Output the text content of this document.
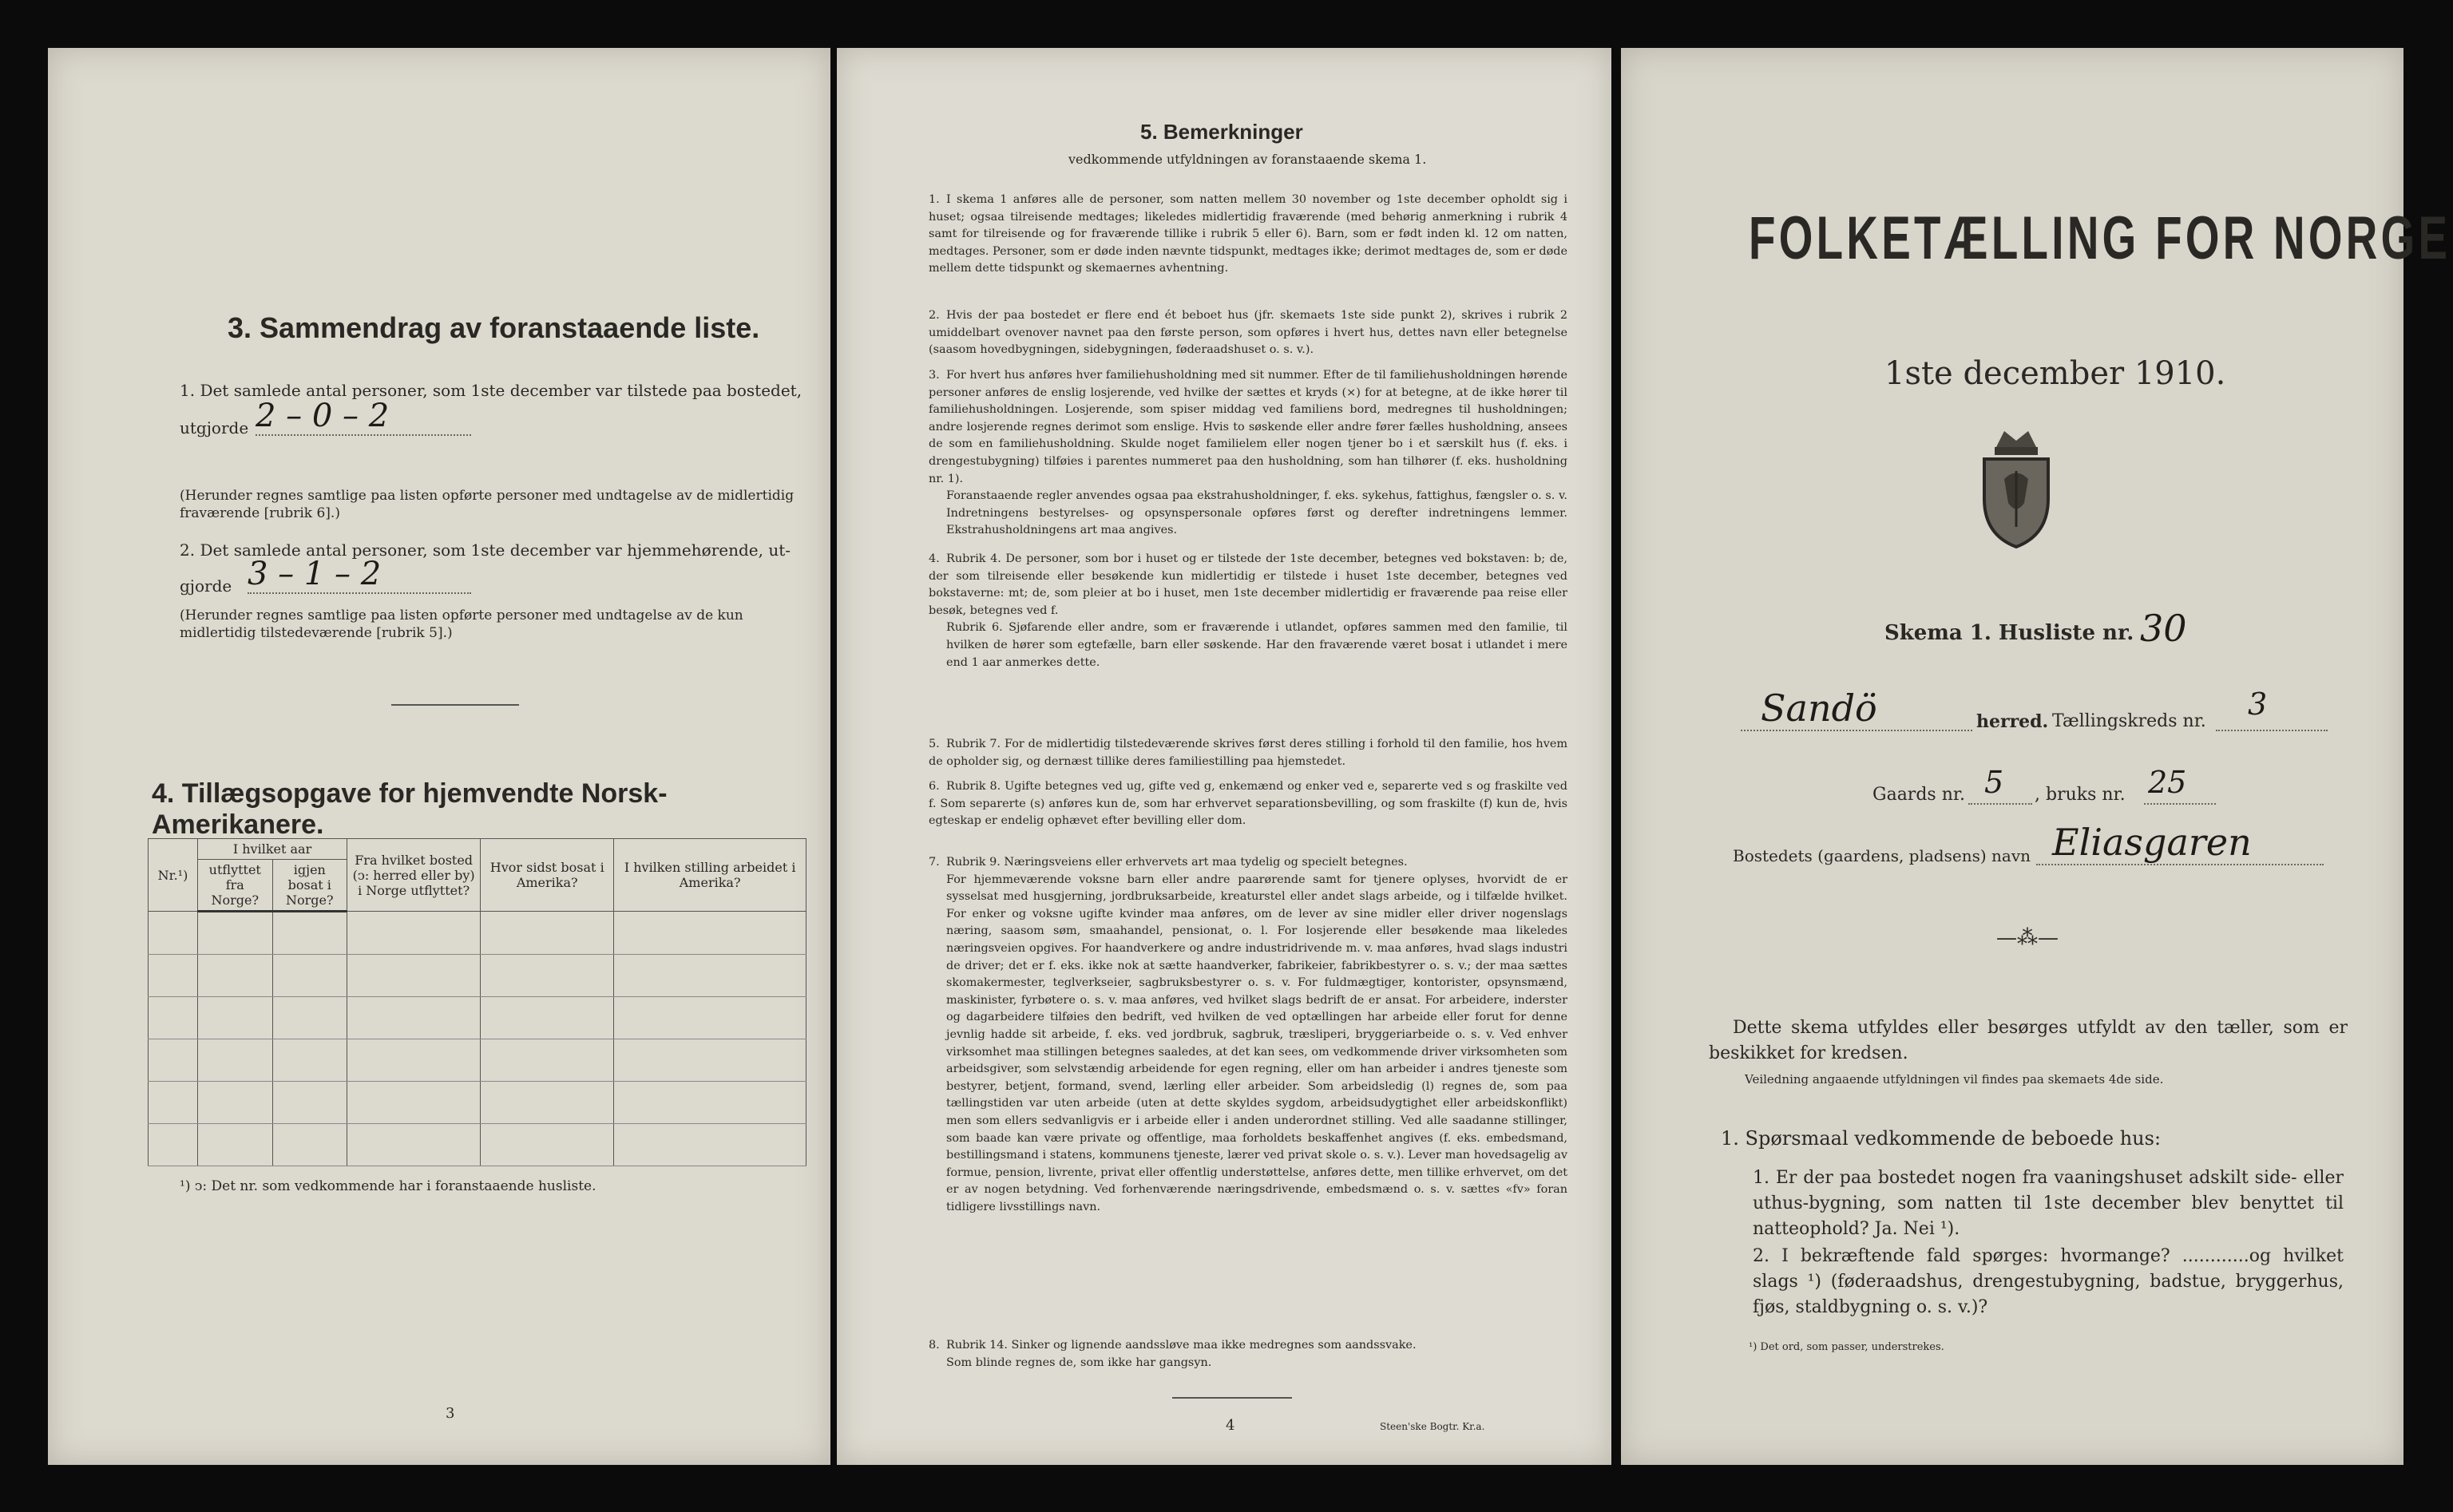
3. Sammendrag av foranstaaende liste.
1. Det samlede antal personer, som 1ste december var tilstede paa bostedet,
utgjorde 2 – 0 – 2
(Herunder regnes samtlige paa listen opførte personer med undtagelse av de midlertidig fraværende [rubrik 6].)
2. Det samlede antal personer, som 1ste december var hjemmehørende, ut-
gjorde 3 – 1 – 2
(Herunder regnes samtlige paa listen opførte personer med undtagelse av de kun midlertidig tilstedeværende [rubrik 5].)
4. Tillægsopgave for hjemvendte Norsk-Amerikanere.
Nr.¹)	I hvilket aar		Fra hvilket bosted (ↄ: herred eller by) i Norge utflyttet?	Hvor sidst bosat i Amerika?	I hvilken stilling arbeidet i Amerika?
	utflyttet fra Norge?	igjen bosat i Norge?			

¹) ↄ: Det nr. som vedkommende har i foranstaaende husliste.
3
5. Bemerkninger
vedkommende utfyldningen av foranstaaende skema 1.

1. I skema 1 anføres alle de personer, som natten mellem 30 november og 1ste december opholdt sig i huset; ogsaa tilreisende medtages; likeledes midlertidig fraværende (med behørig anmerkning i rubrik 4 samt for tilreisende og for fraværende tillike i rubrik 5 eller 6). Barn, som er født inden kl. 12 om natten, medtages. Personer, som er døde inden nævnte tidspunkt, medtages ikke; derimot medtages de, som er døde mellem dette tidspunkt og skemaernes avhentning.

2. Hvis der paa bostedet er flere end ét beboet hus (jfr. skemaets 1ste side punkt 2), skrives i rubrik 2 umiddelbart ovenover navnet paa den første person, som opføres i hvert hus, dettes navn eller betegnelse (saasom hovedbygningen, sidebygningen, føderaadshuset o. s. v.).

3. For hvert hus anføres hver familiehusholdning med sit nummer. Efter de til familiehusholdningen hørende personer anføres de enslig losjerende, ved hvilke der sættes et kryds (×) for at betegne, at de ikke hører til familiehusholdningen. Losjerende, som spiser middag ved familiens bord, medregnes til husholdningen; andre losjerende regnes derimot som enslige. Hvis to søskende eller andre fører fælles husholdning, ansees de som en familiehusholdning. Skulde noget familielem eller nogen tjener bo i et særskilt hus (f. eks. i drengestubygning) tilføies i parentes nummeret paa den husholdning, som han tilhører (f. eks. husholdning nr. 1).

Foranstaaende regler anvendes ogsaa paa ekstrahusholdninger, f. eks. sykehus, fattighus, fængsler o. s. v. Indretningens bestyrelses- og opsynspersonale opføres først og derefter indretningens lemmer. Ekstrahusholdningens art maa angives.

4. Rubrik 4. De personer, som bor i huset og er tilstede der 1ste december, betegnes ved bokstaven: b; de, der som tilreisende eller besøkende kun midlertidig er tilstede i huset 1ste december, betegnes ved bokstaverne: mt; de, som pleier at bo i huset, men 1ste december midlertidig er fraværende paa reise eller besøk, betegnes ved f.

Rubrik 6. Sjøfarende eller andre, som er fraværende i utlandet, opføres sammen med den familie, til hvilken de hører som egtefælle, barn eller søskende. Har den fraværende været bosat i utlandet i mere end 1 aar anmerkes dette.

5. Rubrik 7. For de midlertidig tilstedeværende skrives først deres stilling i forhold til den familie, hos hvem de opholder sig, og dernæst tillike deres familiestilling paa hjemstedet.

6. Rubrik 8. Ugifte betegnes ved ug, gifte ved g, enkemænd og enker ved e, separerte ved s og fraskilte ved f. Som separerte (s) anføres kun de, som har erhvervet separationsbevilling, og som fraskilte (f) kun de, hvis egteskap er endelig ophævet efter bevilling eller dom.

7. Rubrik 9. Næringsveiens eller erhvervets art maa tydelig og specielt betegnes.

For hjemmeværende voksne barn eller andre paarørende samt for tjenere oplyses, hvorvidt de er sysselsat med husgjerning, jordbruksarbeide, kreaturstel eller andet slags arbeide, og i tilfælde hvilket. For enker og voksne ugifte kvinder maa anføres, om de lever av sine midler eller driver nogenslags næring, saasom søm, smaahandel, pensionat, o. l. For losjerende eller besøkende maa likeledes næringsveien opgives. For haandverkere og andre industridrivende m. v. maa anføres, hvad slags industri de driver; det er f. eks. ikke nok at sætte haandverker, fabrikeier, fabrikbestyrer o. s. v.; der maa sættes skomakermester, teglverkseier, sagbruksbestyrer o. s. v. For fuldmægtiger, kontorister, opsynsmænd, maskinister, fyrbøtere o. s. v. maa anføres, ved hvilket slags bedrift de er ansat. For arbeidere, inderster og dagarbeidere tilføies den bedrift, ved hvilken de ved optællingen har arbeide eller forut for denne jevnlig hadde sit arbeide, f. eks. ved jordbruk, sagbruk, træsliperi, bryggeriarbeide o. s. v. Ved enhver virksomhet maa stillingen betegnes saaledes, at det kan sees, om vedkommende driver virksomheten som arbeidsgiver, som selvstændig arbeidende for egen regning, eller om han arbeider i andres tjeneste som bestyrer, betjent, formand, svend, lærling eller arbeider. Som arbeidsledig (l) regnes de, som paa tællingstiden var uten arbeide (uten at dette skyldes sygdom, arbeidsudygtighet eller arbeidskonflikt) men som ellers sedvanligvis er i arbeide eller i anden underordnet stilling. Ved alle saadanne stillinger, som baade kan være private og offentlige, maa forholdets beskaffenhet angives (f. eks. embedsmand, bestillingsmand i statens, kommunens tjeneste, lærer ved privat skole o. s. v.). Lever man hovedsagelig av formue, pension, livrente, privat eller offentlig understøttelse, anføres dette, men tillike erhvervet, om det er av nogen betydning. Ved forhenværende næringsdrivende, embedsmænd o. s. v. sættes «fv» foran tidligere livsstillings navn.

8. Rubrik 14. Sinker og lignende aandssløve maa ikke medregnes som aandssvake.

Som blinde regnes de, som ikke har gangsyn.

4	Steen'ske Bogtr. Kr.a.
FOLKETÆLLING FOR NORGE
1ste december 1910.
Skema 1. Husliste nr. 30
Sandö	herred. Tællingskreds nr. 3
Gaards nr. 5 , bruks nr. 25
Bostedets (gaardens, pladsens) navn Eliasgaren
—⁂—
Dette skema utfyldes eller besørges utfyldt av den tæller, som er beskikket for kredsen.
Veiledning angaaende utfyldningen vil findes paa skemaets 4de side.
1. Spørsmaal vedkommende de beboede hus:
1. Er der paa bostedet nogen fra vaaningshuset adskilt side- eller uthus-bygning, som natten til 1ste december blev benyttet til natteophold? Ja. Nei ¹).
2. I bekræftende fald spørges: hvormange? ............og hvilket slags ¹) (føderaadshus, drengestubygning, badstue, bryggerhus, fjøs, staldbygning o. s. v.)?
¹) Det ord, som passer, understrekes.
